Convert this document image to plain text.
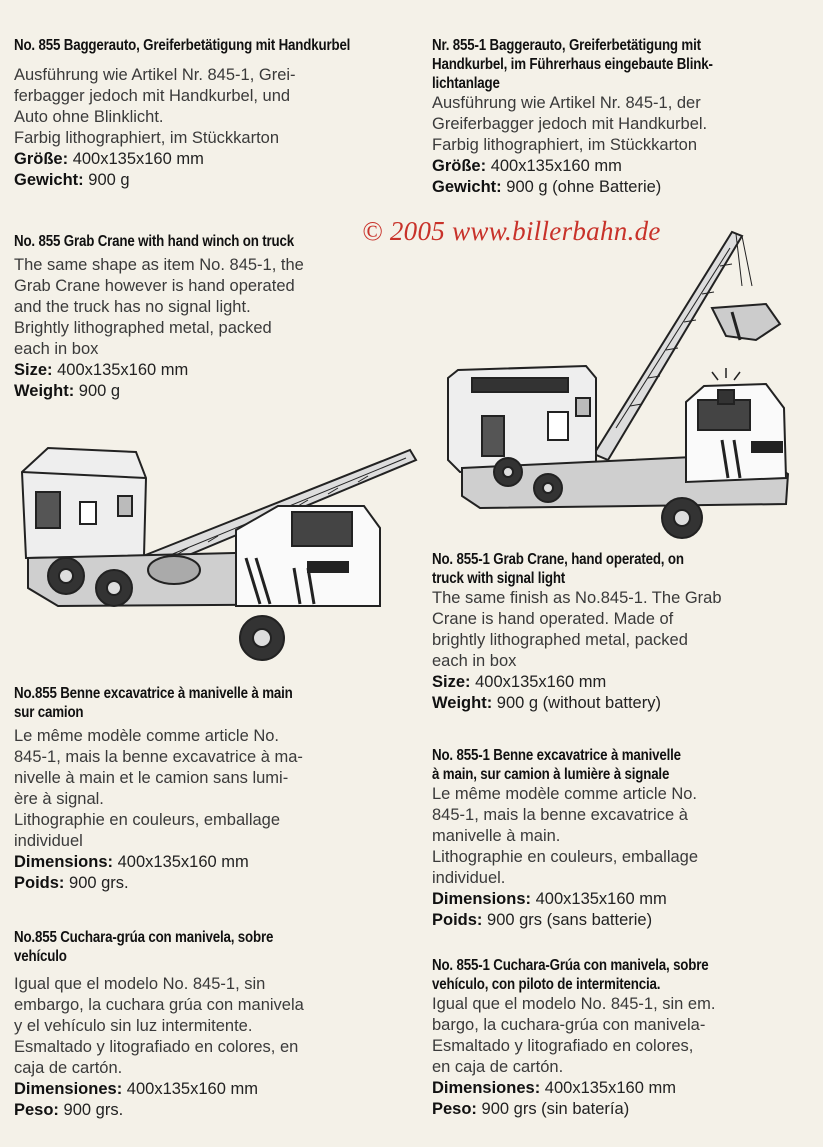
No. 855 Baggerauto, Greiferbetätigung mit Handkurbel

Ausführung wie Artikel Nr. 845-1, Grei-
ferbagger jedoch mit Handkurbel, und
Auto ohne Blinklicht.
Farbig lithographiert, im Stückkarton

Größe: 400x135x160 mm

Gewicht: 900 g

No. 855 Grab Crane with hand winch on truck

The same shape as item No. 845-1, the
Grab Crane however is hand operated
and the truck has no signal light.
Brightly lithographed metal, packed
each in box

Size: 400x135x160 mm

Weight: 900 g

No.855 Benne excavatrice à manivelle à main
sur camion

Le même modèle comme article No.
845-1, mais la benne excavatrice à ma-
nivelle à main et le camion sans lumi-
ère à signal.
Lithographie en couleurs, emballage
individuel

Dimensions: 400x135x160 mm

Poids: 900 grs.

No.855 Cuchara-grúa con manivela, sobre
vehículo

Igual que el modelo No. 845-1, sin
embargo, la cuchara grúa con manivela
y el vehículo sin luz intermitente.
Esmaltado y litografiado en colores, en
caja de cartón.

Dimensiones: 400x135x160 mm

Peso: 900 grs.

Nr. 855-1 Baggerauto, Greiferbetätigung mit
Handkurbel, im Führerhaus eingebaute Blink-
lichtanlage

Ausführung wie Artikel Nr. 845-1, der
Greiferbagger jedoch mit Handkurbel.
Farbig lithographiert, im Stückkarton

Größe: 400x135x160 mm

Gewicht: 900 g (ohne Batterie)

No. 855-1 Grab Crane, hand operated, on
truck with signal light

The same finish as No.845-1. The Grab
Crane is hand operated. Made of
brightly lithographed metal, packed
each in box

Size: 400x135x160 mm

Weight: 900 g (without battery)

No. 855-1 Benne excavatrice à manivelle
à main, sur camion à lumière à signale

Le même modèle comme article No.
845-1, mais la benne excavatrice à
manivelle à main.
Lithographie en couleurs, emballage
individuel.

Dimensions: 400x135x160 mm

Poids: 900 grs (sans batterie)

No. 855-1 Cuchara-Grúa con manivela, sobre
vehículo, con piloto de intermitencia.

Igual que el modelo No. 845-1, sin em.
bargo, la cuchara-grúa con manivela-
Esmaltado y litografiado en colores,
en caja de cartón.

Dimensiones: 400x135x160 mm

Peso: 900 grs (sin batería)

© 2005 www.billerbahn.de
